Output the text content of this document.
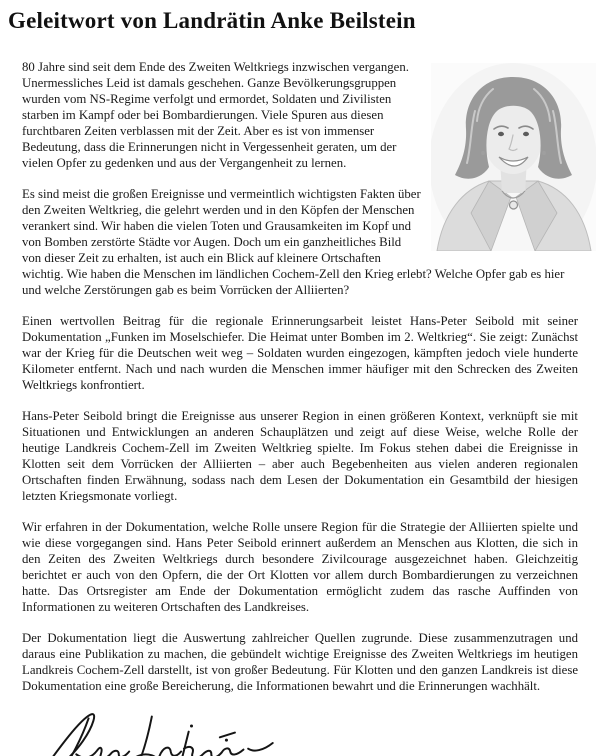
Geleitwort von Landrätin Anke Beilstein

80 Jahre sind seit dem Ende des Zweiten Weltkriegs inzwischen vergangen. Unermessliches Leid ist damals geschehen. Ganze Bevölkerungsgruppen wurden vom NS-Regime verfolgt und ermordet, Soldaten und Zivilisten starben im Kampf oder bei Bombardierungen. Viele Spuren aus diesen furchtbaren Zeiten verblassen mit der Zeit. Aber es ist von immenser Bedeutung, dass die Erinnerungen nicht in Vergessenheit geraten, um der vielen Opfer zu gedenken und aus der Vergangenheit zu lernen.

Es sind meist die großen Ereignisse und vermeintlich wichtigsten Fakten über den Zweiten Weltkrieg, die gelehrt werden und in den Köpfen der Menschen verankert sind. Wir haben die vielen Toten und Grausamkeiten im Kopf und von Bomben zerstörte Städte vor Augen. Doch um ein ganzheitliches Bild von dieser Zeit zu erhalten, ist auch ein Blick auf kleinere Ortschaften wichtig. Wie haben die Menschen im ländlichen Cochem-Zell den Krieg erlebt? Welche Opfer gab es hier und welche Zerstörungen gab es beim Vorrücken der Alliierten?

Einen wertvollen Beitrag für die regionale Erinnerungsarbeit leistet Hans-Peter Seibold mit seiner Dokumentation „Funken im Moselschiefer. Die Heimat unter Bomben im 2. Weltkrieg“. Sie zeigt: Zunächst war der Krieg für die Deutschen weit weg – Soldaten wurden eingezogen, kämpften jedoch viele hunderte Kilometer entfernt. Nach und nach wurden die Menschen immer häufiger mit den Schrecken des Zweiten Weltkriegs konfrontiert.

Hans-Peter Seibold bringt die Ereignisse aus unserer Region in einen größeren Kontext, verknüpft sie mit Situationen und Entwicklungen an anderen Schauplätzen und zeigt auf diese Weise, welche Rolle der heutige Landkreis Cochem-Zell im Zweiten Weltkrieg spielte. Im Fokus stehen dabei die Ereignisse in Klotten seit dem Vorrücken der Alliierten – aber auch Begebenheiten aus vielen anderen regionalen Ortschaften finden Erwähnung, sodass nach dem Lesen der Dokumentation ein Gesamtbild der hiesigen letzten Kriegsmonate vorliegt.

Wir erfahren in der Dokumentation, welche Rolle unsere Region für die Strategie der Alliierten spielte und wie diese vorgegangen sind. Hans Peter Seibold erinnert außerdem an Menschen aus Klotten, die sich in den Zeiten des Zweiten Weltkriegs durch besondere Zivilcourage ausgezeichnet haben. Gleichzeitig berichtet er auch von den Opfern, die der Ort Klotten vor allem durch Bombardierungen zu verzeichnen hatte. Das Ortsregister am Ende der Dokumentation ermöglicht zudem das rasche Auffinden von Informationen zu weiteren Ortschaften des Landkreises.

Der Dokumentation liegt die Auswertung zahlreicher Quellen zugrunde. Diese zusammenzutragen und daraus eine Publikation zu machen, die gebündelt wichtige Ereignisse des Zweiten Weltkriegs im heutigen Landkreis Cochem-Zell darstellt, ist von großer Bedeutung. Für Klotten und den ganzen Landkreis ist diese Dokumentation eine große Bereicherung, die Informationen bewahrt und die Erinnerungen wachhält.
